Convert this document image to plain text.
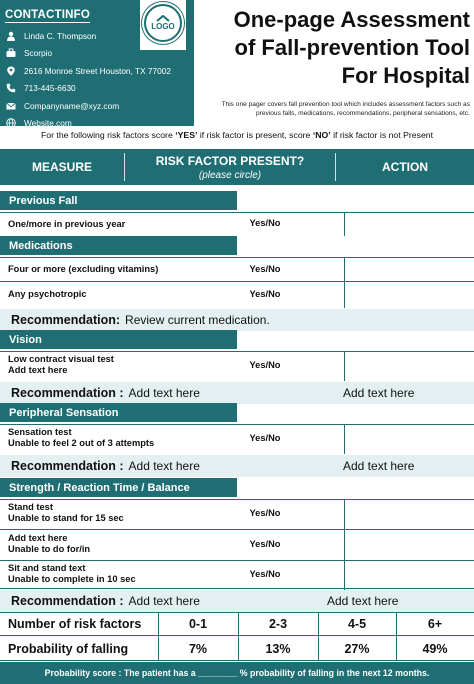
CONTACTINFO
Linda C. Thompson
Scorpio
2616 Monroe Street Houston, TX 77002
713-445-6630
Companyname@xyz.com
Website.com
LOGO	One-page Assessment
of Fall-prevention Tool
For Hospital
This one pager covers fall prevention tool which includes assessment factors such as
previous falls, medications, recommendations, peripheral sensations, etc.
For the following risk factors score ‘YES’ if risk factor is present, score ‘NO’ if risk factor is not Present
MEASURE	RISK FACTOR PRESENT?
(please circle)
ACTION
Previous Fall
One/more in previous year	Yes/No
Medications
Four or more (excluding vitamins)	Yes/No
Any psychotropic	Yes/No
Recommendation: Review current medication.
Vision
Low contract visual test
Add text here	Yes/No
Recommendation : Add text here	Add text here
Peripheral Sensation
Sensation test
Unable to feel 2 out of 3 attempts	Yes/No
Recommendation : Add text here	Add text here
Strength / Reaction Time / Balance
Stand test
Unable to stand for 15 sec	Yes/No
Add text here
Unable to do for/in	Yes/No
Sit and stand text
Unable to complete in 10 sec	Yes/No
Recommendation : Add text here	Add text here
Number of risk factors	0-1	2-3	4-5	6+
Probability of falling	7%	13%	27%	49%
Probability score : The patient has a ________ % probability of falling in the next 12 months.
